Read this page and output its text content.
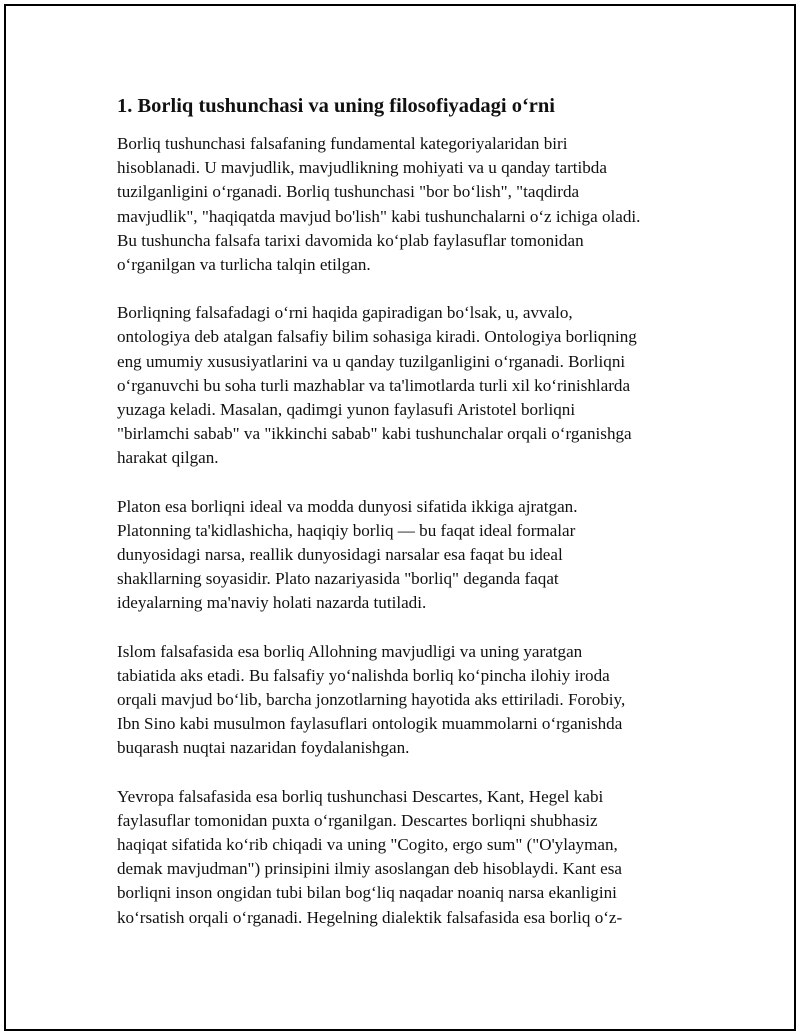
1. Borliq tushunchasi va uning filosofiyadagi o‘rni

Borliq tushunchasi falsafaning fundamental kategoriyalaridan biri
hisoblanadi. U mavjudlik, mavjudlikning mohiyati va u qanday tartibda
tuzilganligini o‘rganadi. Borliq tushunchasi "bor bo‘lish", "taqdirda
mavjudlik", "haqiqatda mavjud bo'lish" kabi tushunchalarni o‘z ichiga oladi.
Bu tushuncha falsafa tarixi davomida ko‘plab faylasuflar tomonidan
o‘rganilgan va turlicha talqin etilgan.

Borliqning falsafadagi o‘rni haqida gapiradigan bo‘lsak, u, avvalo,
ontologiya deb atalgan falsafiy bilim sohasiga kiradi. Ontologiya borliqning
eng umumiy xususiyatlarini va u qanday tuzilganligini o‘rganadi. Borliqni
o‘rganuvchi bu soha turli mazhablar va ta'limotlarda turli xil ko‘rinishlarda
yuzaga keladi. Masalan, qadimgi yunon faylasufi Aristotel borliqni
"birlamchi sabab" va "ikkinchi sabab" kabi tushunchalar orqali o‘rganishga
harakat qilgan.

Platon esa borliqni ideal va modda dunyosi sifatida ikkiga ajratgan.
Platonning ta'kidlashicha, haqiqiy borliq — bu faqat ideal formalar
dunyosidagi narsa, reallik dunyosidagi narsalar esa faqat bu ideal
shakllarning soyasidir. Plato nazariyasida "borliq" deganda faqat
ideyalarning ma'naviy holati nazarda tutiladi.

Islom falsafasida esa borliq Allohning mavjudligi va uning yaratgan
tabiatida aks etadi. Bu falsafiy yo‘nalishda borliq ko‘pincha ilohiy iroda
orqali mavjud bo‘lib, barcha jonzotlarning hayotida aks ettiriladi. Forobiy,
Ibn Sino kabi musulmon faylasuflari ontologik muammolarni o‘rganishda
buqarash nuqtai nazaridan foydalanishgan.

Yevropa falsafasida esa borliq tushunchasi Descartes, Kant, Hegel kabi
faylasuflar tomonidan puxta o‘rganilgan. Descartes borliqni shubhasiz
haqiqat sifatida ko‘rib chiqadi va uning "Cogito, ergo sum" ("O'ylayman,
demak mavjudman") prinsipini ilmiy asoslangan deb hisoblaydi. Kant esa
borliqni inson ongidan tubi bilan bog‘liq naqadar noaniq narsa ekanligini
ko‘rsatish orqali o‘rganadi. Hegelning dialektik falsafasida esa borliq o‘z-
